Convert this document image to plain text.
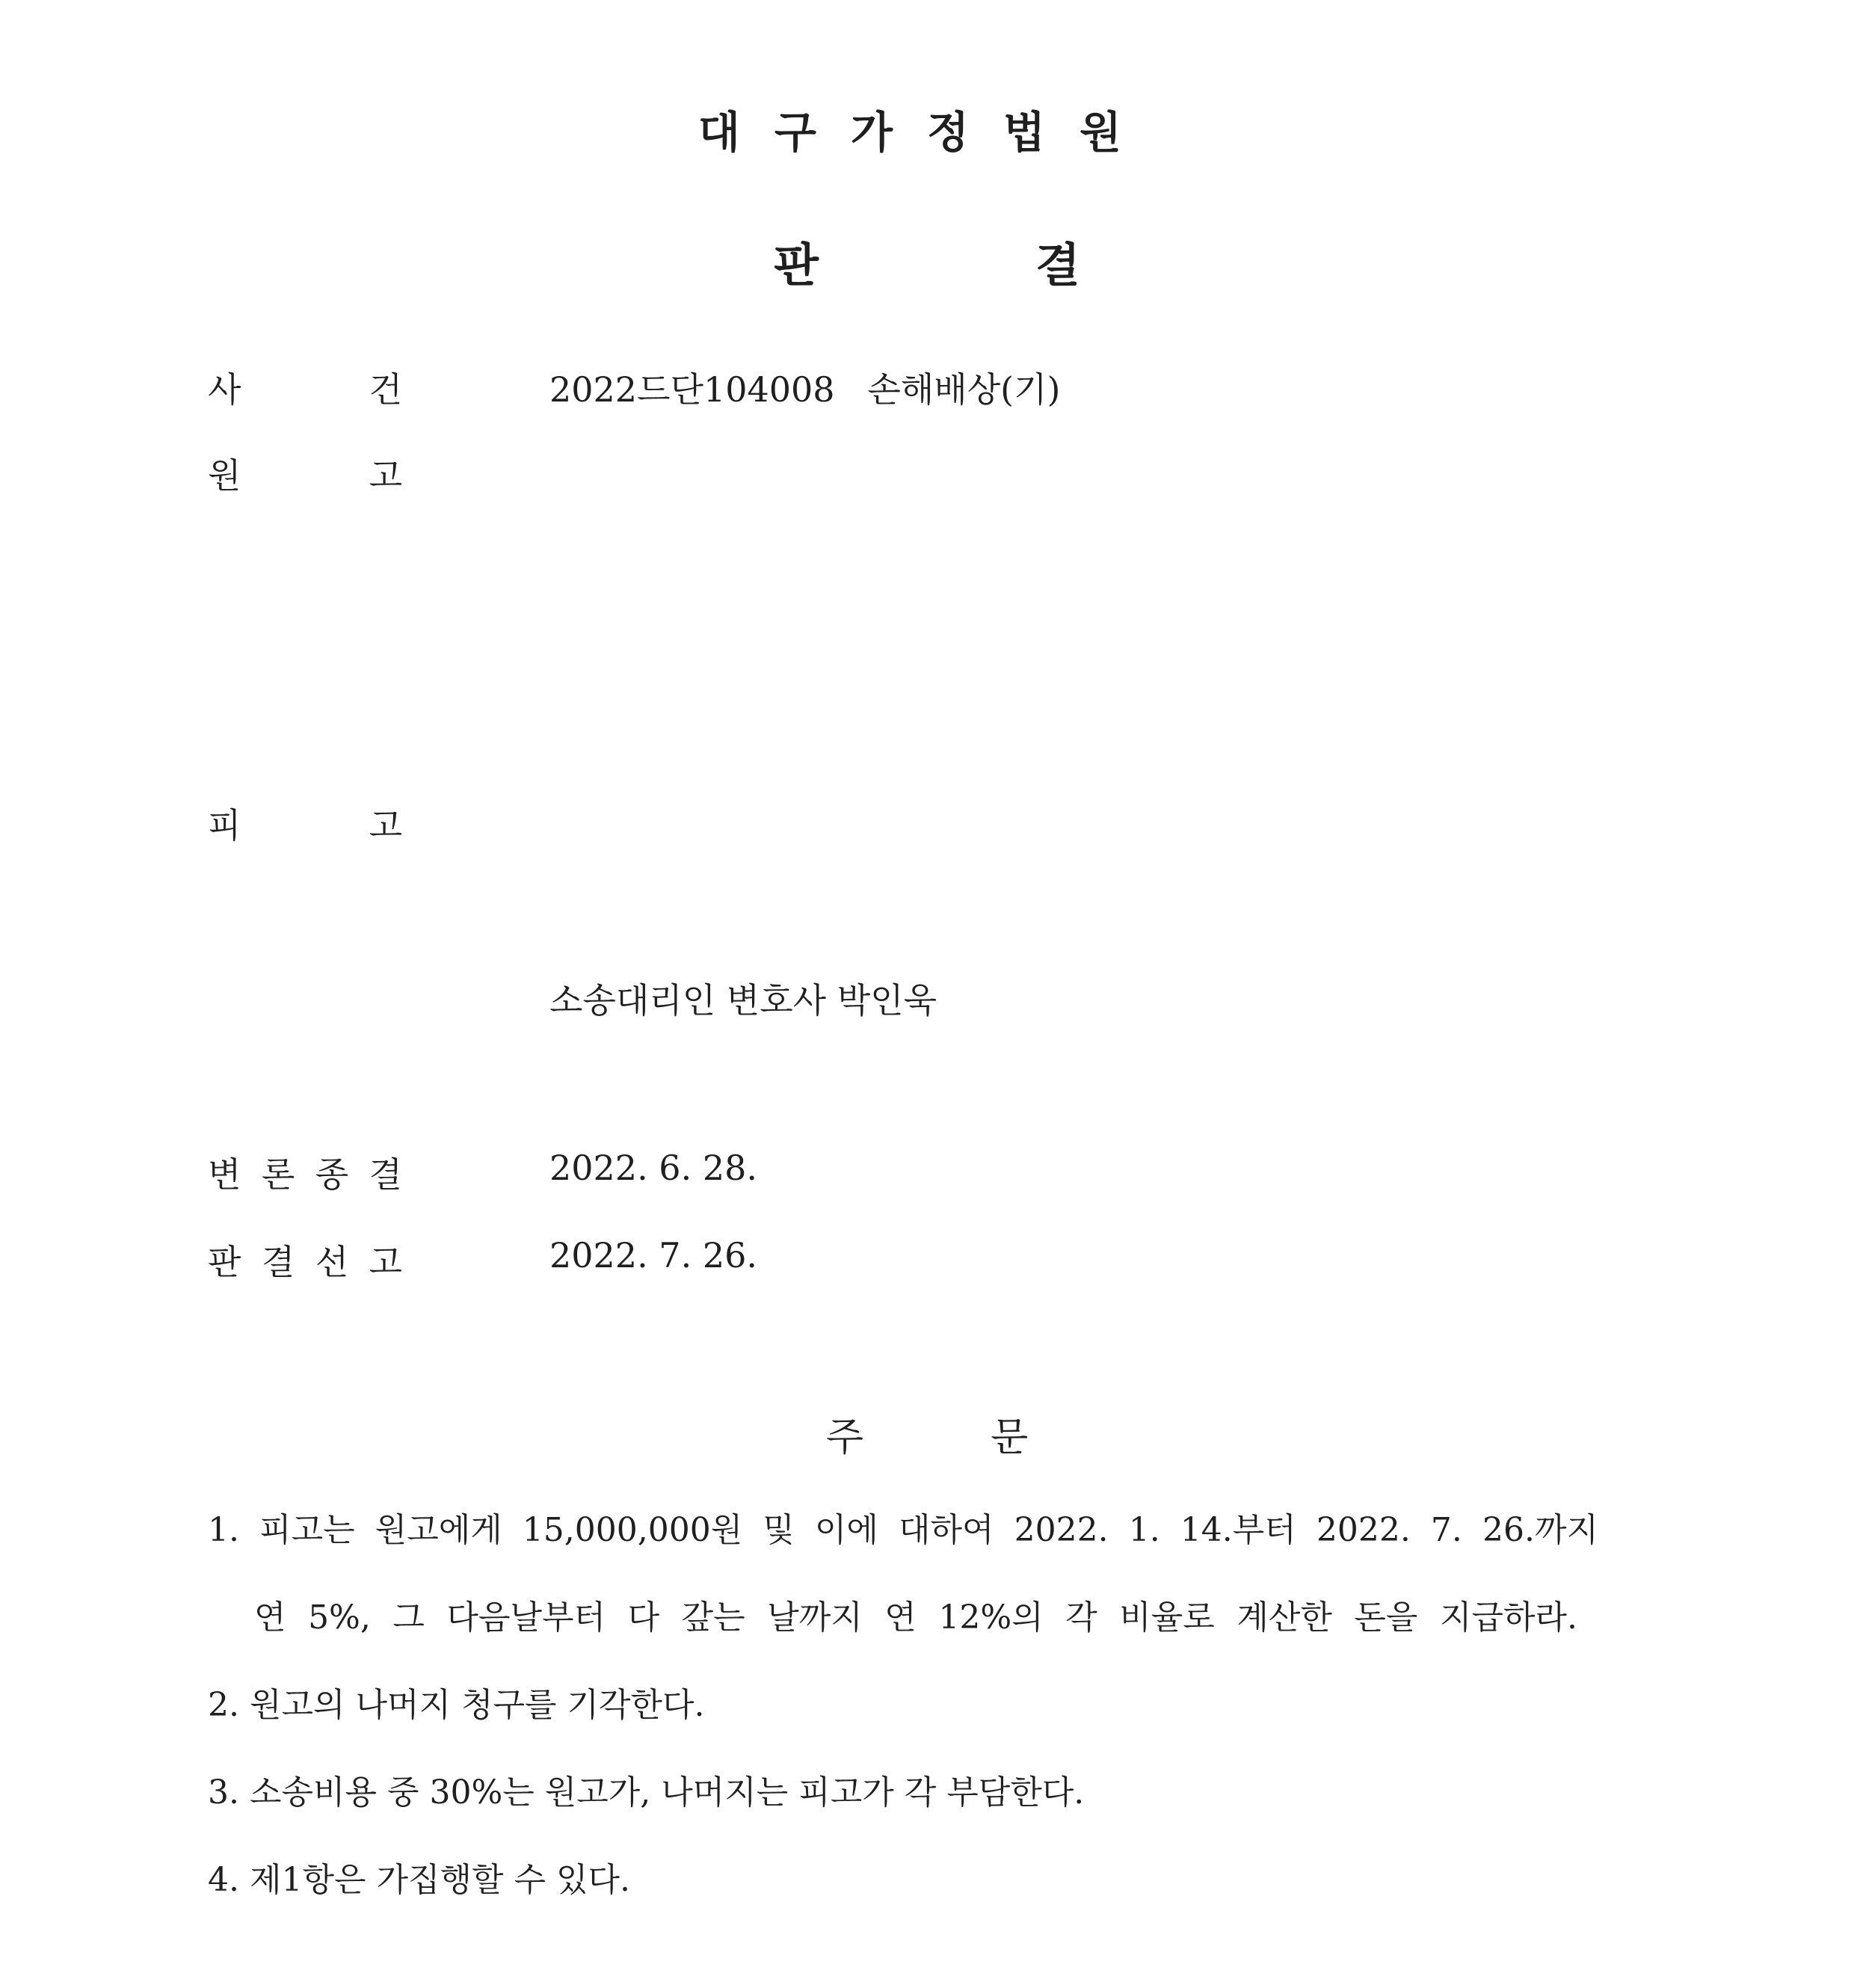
대구가정법원
판결
사	건	2022드단104008   손해배상(기)
원	고
피	고
소송대리인 변호사 박인욱
변 론 종 결	2022. 6. 28.
판 결 선 고	2022. 7. 26.
주문
1. 피고는 원고에게 15,000,000원 및 이에 대하여 2022. 1. 14.부터 2022. 7. 26.까지
연 5%, 그 다음날부터 다 갚는 날까지 연 12%의 각 비율로 계산한 돈을 지급하라.
2. 원고의 나머지 청구를 기각한다.
3. 소송비용 중 30%는 원고가, 나머지는 피고가 각 부담한다.
4. 제1항은 가집행할 수 있다.
